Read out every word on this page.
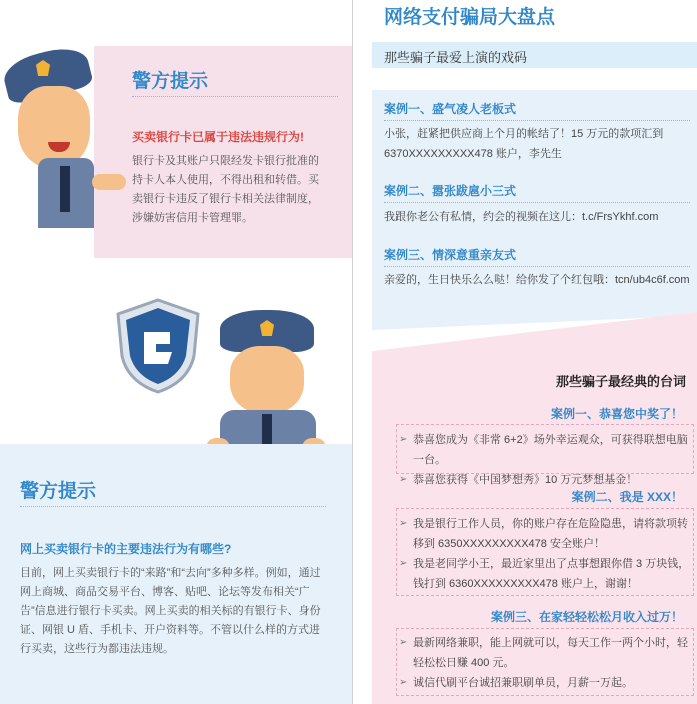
警方提示
买卖银行卡已属于违法违规行为!
银行卡及其账户只限经发卡银行批准的持卡人本人使用，不得出租和转借。买卖银行卡违反了银行卡相关法律制度，涉嫌妨害信用卡管理罪。
警方提示
网上买卖银行卡的主要违法行为有哪些?
目前，网上买卖银行卡的“来路”和“去向”多种多样。例如，通过网上商城、商品交易平台、博客、贴吧、论坛等发布相关“广告”信息进行银行卡买卖。网上买卖的相关标的有银行卡、身份证、网银 U 盾、手机卡、开户资料等。不管以什么样的方式进行买卖，这些行为都违法违规。
网络支付骗局大盘点
那些骗子最爱上演的戏码
案例一、盛气凌人老板式
小张，赶紧把供应商上个月的帐结了！15 万元的款项汇到 6370XXXXXXXXX478 账户，李先生
案例二、嚣张跋扈小三式
我跟你老公有私情，约会的视频在这儿：t.c/FrsYkhf.com
案例三、情深意重亲友式
亲爱的，生日快乐么么哒！给你发了个红包哦：tcn/ub4c6f.com
那些骗子最经典的台词
案例一、恭喜您中奖了！
➢ 恭喜您成为《非常 6+2》场外幸运观众，可获得联想电脑一台。
➢ 恭喜您获得《中国梦想秀》10 万元梦想基金！
案例二、我是 XXX！
➢ 我是银行工作人员，你的账户存在危险隐患，请将款项转移到 6350XXXXXXXXX478 安全账户！
➢ 我是老同学小王，最近家里出了点事想跟你借 3 万块钱，钱打到 6360XXXXXXXXX478 账户上，谢谢！
案例三、在家轻轻松松月收入过万！
➢ 最新网络兼职，能上网就可以，每天工作一两个小时，轻轻松松日赚 400 元。
➢ 诚信代刷平台诚招兼职刷单员，月薪一万起。
